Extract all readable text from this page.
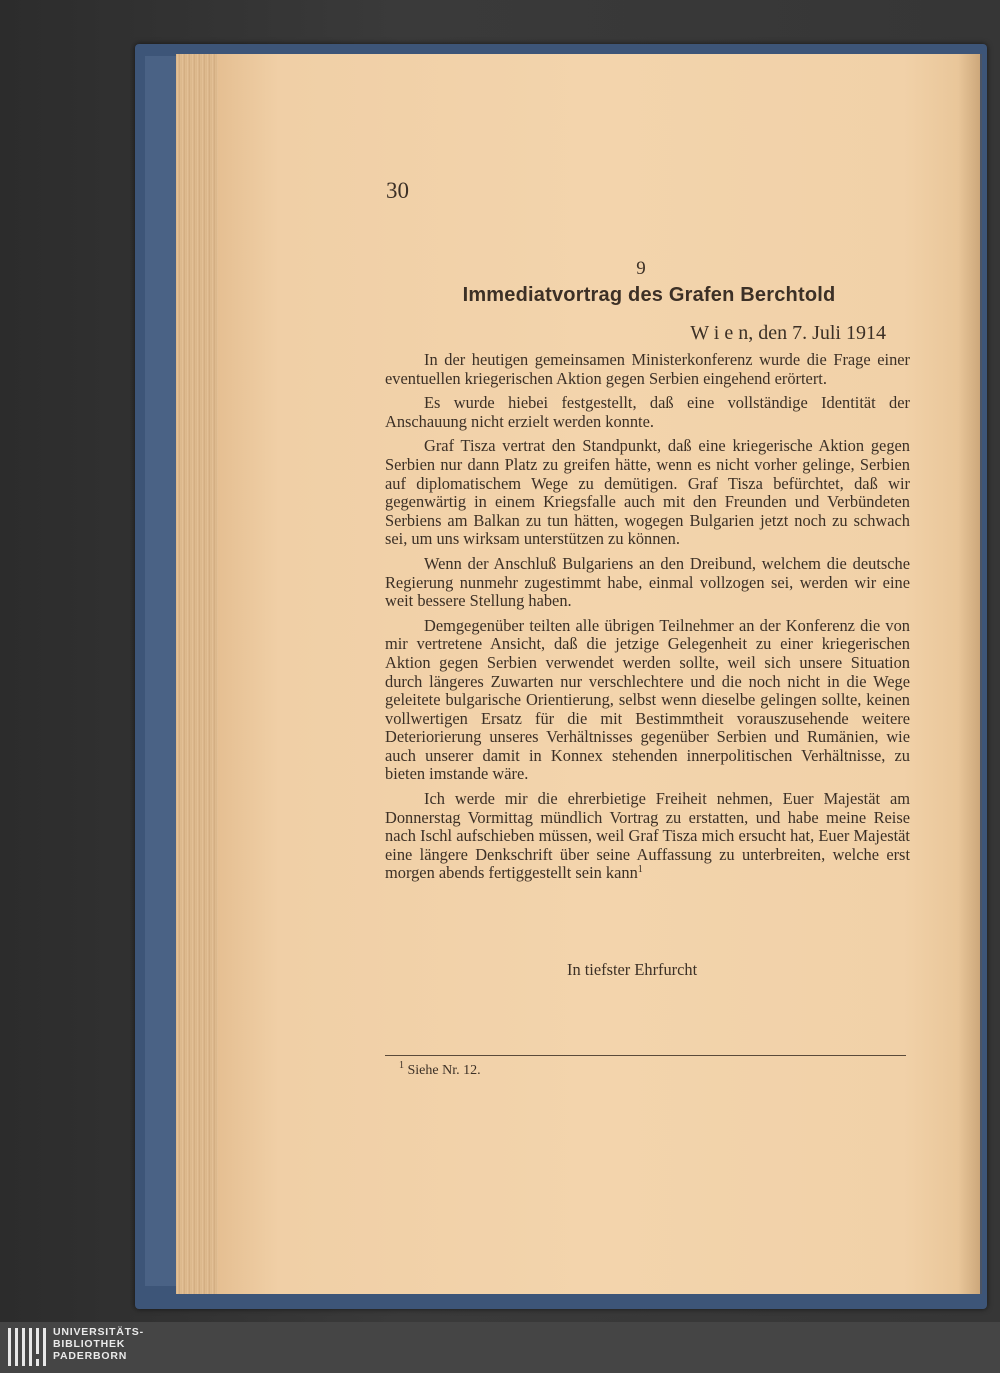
30
9
Immediatvortrag des Grafen Berchtold
W i e n, den 7. Juli 1914

In der heutigen gemeinsamen Ministerkonferenz wurde die Frage einer eventuellen kriegerischen Aktion gegen Serbien eingehend erörtert.

Es wurde hiebei festgestellt, daß eine vollständige Identität der Anschauung nicht erzielt werden konnte.

Graf Tisza vertrat den Standpunkt, daß eine kriegerische Aktion gegen Serbien nur dann Platz zu greifen hätte, wenn es nicht vorher gelinge, Serbien auf diplomatischem Wege zu demütigen. Graf Tisza befürchtet, daß wir gegenwärtig in einem Kriegsfalle auch mit den Freunden und Verbündeten Serbiens am Balkan zu tun hätten, wogegen Bulgarien jetzt noch zu schwach sei, um uns wirksam unterstützen zu können.

Wenn der Anschluß Bulgariens an den Dreibund, welchem die deutsche Regierung nunmehr zugestimmt habe, einmal vollzogen sei, werden wir eine weit bessere Stellung haben.

Demgegenüber teilten alle übrigen Teilnehmer an der Konferenz die von mir vertretene Ansicht, daß die jetzige Gelegenheit zu einer kriegerischen Aktion gegen Serbien verwendet werden sollte, weil sich unsere Situation durch längeres Zuwarten nur verschlechtere und die noch nicht in die Wege geleitete bulgarische Orientierung, selbst wenn dieselbe gelingen sollte, keinen vollwertigen Ersatz für die mit Bestimmtheit vorauszusehende weitere Deteriorierung unseres Verhältnisses gegenüber Serbien und Rumänien, wie auch unserer damit in Konnex stehenden innerpolitischen Verhältnisse, zu bieten imstande wäre.

Ich werde mir die ehrerbietige Freiheit nehmen, Euer Majestät am Donnerstag Vormittag mündlich Vortrag zu erstatten, und habe meine Reise nach Ischl aufschieben müssen, weil Graf Tisza mich ersucht hat, Euer Majestät eine längere Denkschrift über seine Auffassung zu unterbreiten, welche erst morgen abends fertiggestellt sein kann$^1$

In tiefster Ehrfurcht
$^1$ Siehe Nr. 12.
UNIVERSITÄTS-
BIBLIOTHEK
PADERBORN
